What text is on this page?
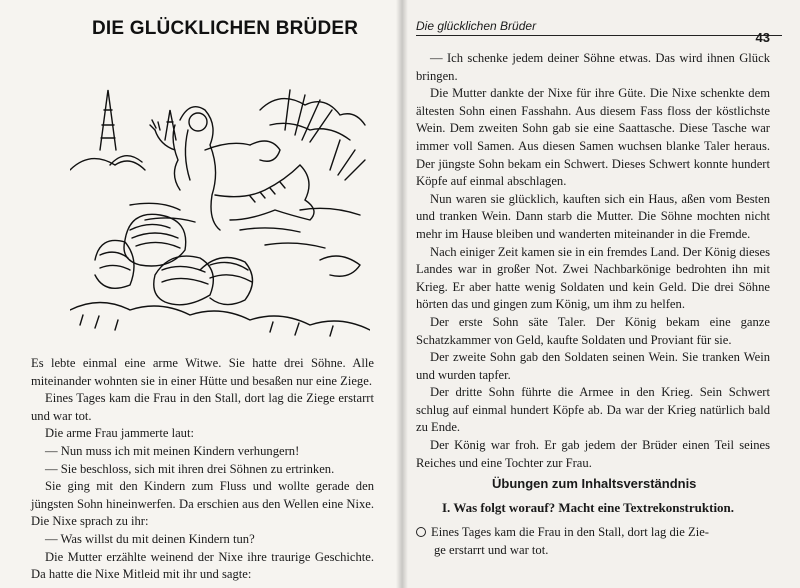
DIE GLÜCKLICHEN BRÜDER

Es lebte einmal eine arme Witwe. Sie hatte drei Söhne. Alle miteinander wohnten sie in einer Hütte und besaßen nur eine Ziege.

Eines Tages kam die Frau in den Stall, dort lag die Ziege erstarrt und war tot.

Die arme Frau jammerte laut:

— Nun muss ich mit meinen Kindern verhungern!

— Sie beschloss, sich mit ihren drei Söhnen zu ertrinken.

Sie ging mit den Kindern zum Fluss und wollte gerade den jüngsten Sohn hineinwerfen. Da erschien aus den Wellen eine Nixe. Die Nixe sprach zu ihr:

— Was willst du mit deinen Kindern tun?

Die Mutter erzählte weinend der Nixe ihre traurige Geschichte. Da hatte die Nixe Mitleid mit ihr und sagte:

Die glücklichen Brüder
43

— Ich schenke jedem deiner Söhne etwas. Das wird ihnen Glück bringen.

Die Mutter dankte der Nixe für ihre Güte. Die Nixe schenkte dem ältesten Sohn einen Fasshahn. Aus diesem Fass floss der köstlichste Wein. Dem zweiten Sohn gab sie eine Saattasche. Diese Tasche war immer voll Samen. Aus diesen Samen wuchsen blanke Taler heraus. Der jüngste Sohn bekam ein Schwert. Dieses Schwert konnte hundert Köpfe auf einmal abschlagen.

Nun waren sie glücklich, kauften sich ein Haus, aßen vom Besten und tranken Wein. Dann starb die Mutter. Die Söhne mochten nicht mehr im Hause bleiben und wanderten miteinander in die Fremde.

Nach einiger Zeit kamen sie in ein fremdes Land. Der König dieses Landes war in großer Not. Zwei Nachbarkönige bedrohten ihn mit Krieg. Er aber hatte wenig Soldaten und kein Geld. Die drei Söhne hörten das und gingen zum König, um ihm zu helfen.

Der erste Sohn säte Taler. Der König bekam eine ganze Schatzkammer von Geld, kaufte Soldaten und Proviant für sie.

Der zweite Sohn gab den Soldaten seinen Wein. Sie tranken Wein und wurden tapfer.

Der dritte Sohn führte die Armee in den Krieg. Sein Schwert schlug auf einmal hundert Köpfe ab. Da war der Krieg natürlich bald zu Ende.

Der König war froh. Er gab jedem der Brüder einen Teil seines Reiches und eine Tochter zur Frau.

Übungen zum Inhaltsverständnis
I. Was folgt worauf? Macht eine Textrekonstruktion.
Eines Tages kam die Frau in den Stall, dort lag die Zie-
ge erstarrt und war tot.
